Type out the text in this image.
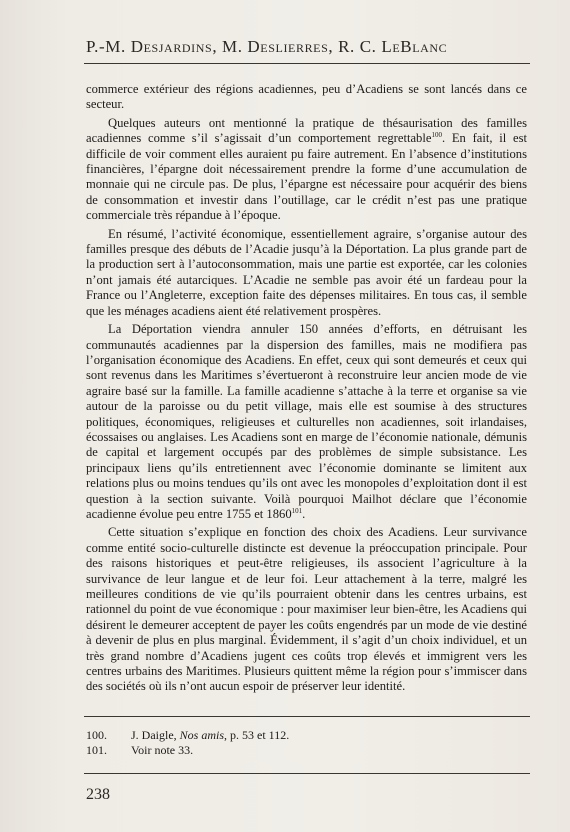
P.-M. Desjardins, M. Deslierres, R. C. LeBlanc

commerce extérieur des régions acadiennes, peu d’Acadiens se sont lancés dans ce secteur.

Quelques auteurs ont mentionné la pratique de thésaurisation des familles acadiennes comme s’il s’agissait d’un comportement regrettable$^{100}$. En fait, il est difficile de voir comment elles auraient pu faire autrement. En l’absence d’institutions financières, l’épargne doit nécessairement prendre la forme d’une accumulation de monnaie qui ne circule pas. De plus, l’épargne est nécessaire pour acquérir des biens de consommation et investir dans l’outillage, car le crédit n’est pas une pratique commerciale très répandue à l’époque.

En résumé, l’activité économique, essentiellement agraire, s’organise autour des familles presque des débuts de l’Acadie jusqu’à la Déportation. La plus grande part de la production sert à l’autoconsommation, mais une partie est exportée, car les colonies n’ont jamais été autarciques. L’Acadie ne semble pas avoir été un fardeau pour la France ou l’Angleterre, exception faite des dépenses militaires. En tous cas, il semble que les ménages acadiens aient été relativement prospères.

La Déportation viendra annuler 150 années d’efforts, en détruisant les communautés acadiennes par la dispersion des familles, mais ne modifiera pas l’organisation économique des Acadiens. En effet, ceux qui sont demeurés et ceux qui sont revenus dans les Maritimes s’évertueront à reconstruire leur ancien mode de vie agraire basé sur la famille. La famille acadienne s’attache à la terre et organise sa vie autour de la paroisse ou du petit village, mais elle est soumise à des structures politiques, économiques, religieuses et culturelles non acadiennes, soit irlandaises, écossaises ou anglaises. Les Acadiens sont en marge de l’économie nationale, démunis de capital et largement occupés par des problèmes de simple subsistance. Les principaux liens qu’ils entretiennent avec l’économie dominante se limitent aux relations plus ou moins tendues qu’ils ont avec les monopoles d’exploitation dont il est question à la section suivante. Voilà pourquoi Mailhot déclare que l’économie acadienne évolue peu entre 1755 et 1860$^{101}$.

Cette situation s’explique en fonction des choix des Acadiens. Leur survivance comme entité socio-culturelle distincte est devenue la préoccupation principale. Pour des raisons historiques et peut-être religieuses, ils associent l’agriculture à la survivance de leur langue et de leur foi. Leur attachement à la terre, malgré les meilleures conditions de vie qu’ils pourraient obtenir dans les centres urbains, est rationnel du point de vue économique : pour maximiser leur bien-être, les Acadiens qui désirent le demeurer acceptent de payer les coûts engendrés par un mode de vie destiné à devenir de plus en plus marginal. Évidemment, il s’agit d’un choix individuel, et un très grand nombre d’Acadiens jugent ces coûts trop élevés et immigrent vers les centres urbains des Maritimes. Plusieurs quittent même la région pour s’immiscer dans des sociétés où ils n’ont aucun espoir de préserver leur identité.

100.	J. Daigle, Nos amis, p. 53 et 112.
101.	Voir note 33.
238
